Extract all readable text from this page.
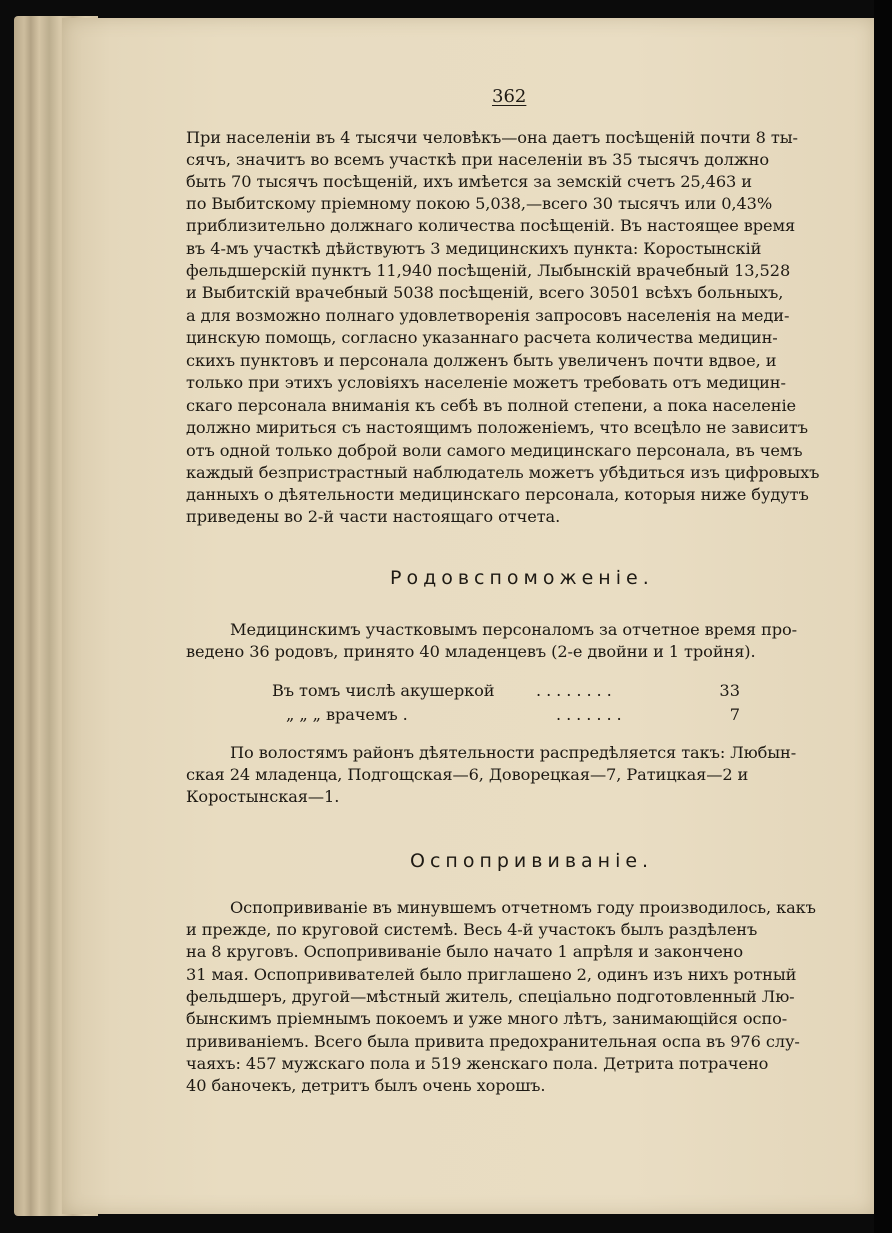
362

При населеніи въ 4 тысячи человѣкъ—она даетъ посѣщеній почти 8 ты-

сячъ, значитъ во всемъ участкѣ при населеніи въ 35 тысячъ должно

быть 70 тысячъ посѣщеній, ихъ имѣется за земскій счетъ 25,463 и

по Выбитскому пріемному покою 5,038,—всего 30 тысячъ или 0,43%

приблизительно должнаго количества посѣщеній. Въ настоящее время

въ 4-мъ участкѣ дѣйствуютъ 3 медицинскихъ пункта: Коростынскій

фельдшерскій пунктъ 11,940 посѣщеній, Лыбынскій врачебный 13,528

и Выбитскій врачебный 5038 посѣщеній, всего 30501 всѣхъ больныхъ,

а для возможно полнаго удовлетворенія запросовъ населенія на меди-

цинскую помощь, согласно указаннаго расчета количества медицин-

скихъ пунктовъ и персонала долженъ быть увеличенъ почти вдвое, и

только при этихъ условіяхъ населеніе можетъ требовать отъ медицин-

скаго персонала вниманія къ себѣ въ полной степени, а пока населеніе

должно мириться съ настоящимъ положеніемъ, что всецѣло не зависитъ

отъ одной только доброй воли самого медицинскаго персонала, въ чемъ

каждый безпристрастный наблюдатель можетъ убѣдиться изъ цифровыхъ

данныхъ о дѣятельности медицинскаго персонала, которыя ниже будутъ

приведены во 2-й части настоящаго отчета.

Родовспоможеніе.

Медицинскимъ участковымъ персоналомъ за отчетное время про-

ведено 36 родовъ, принято 40 младенцевъ (2-е двойни и 1 тройня).

Въ томъ числѣ акушеркой	. . . . . . . .	33

„ „ „ врачемъ .	. . . . . . .	7

По волостямъ районъ дѣятельности распредѣляется такъ: Любын-

ская 24 младенца, Подгощская—6, Доворецкая—7, Ратицкая—2 и

Коростынская—1.

Оспопрививаніе.

Оспопрививаніе въ минувшемъ отчетномъ году производилось, какъ

и прежде, по круговой системѣ. Весь 4-й участокъ былъ раздѣленъ

на 8 круговъ. Оспопрививаніе было начато 1 апрѣля и закончено

31 мая. Оспопрививателей было приглашено 2, одинъ изъ нихъ ротный

фельдшеръ, другой—мѣстный житель, спеціально подготовленный Лю-

бынскимъ пріемнымъ покоемъ и уже много лѣтъ, занимающійся оспо-

прививаніемъ. Всего была привита предохранительная оспа въ 976 слу-

чаяхъ: 457 мужскаго пола и 519 женскаго пола. Детрита потрачено

40 баночекъ, детритъ былъ очень хорошъ.
